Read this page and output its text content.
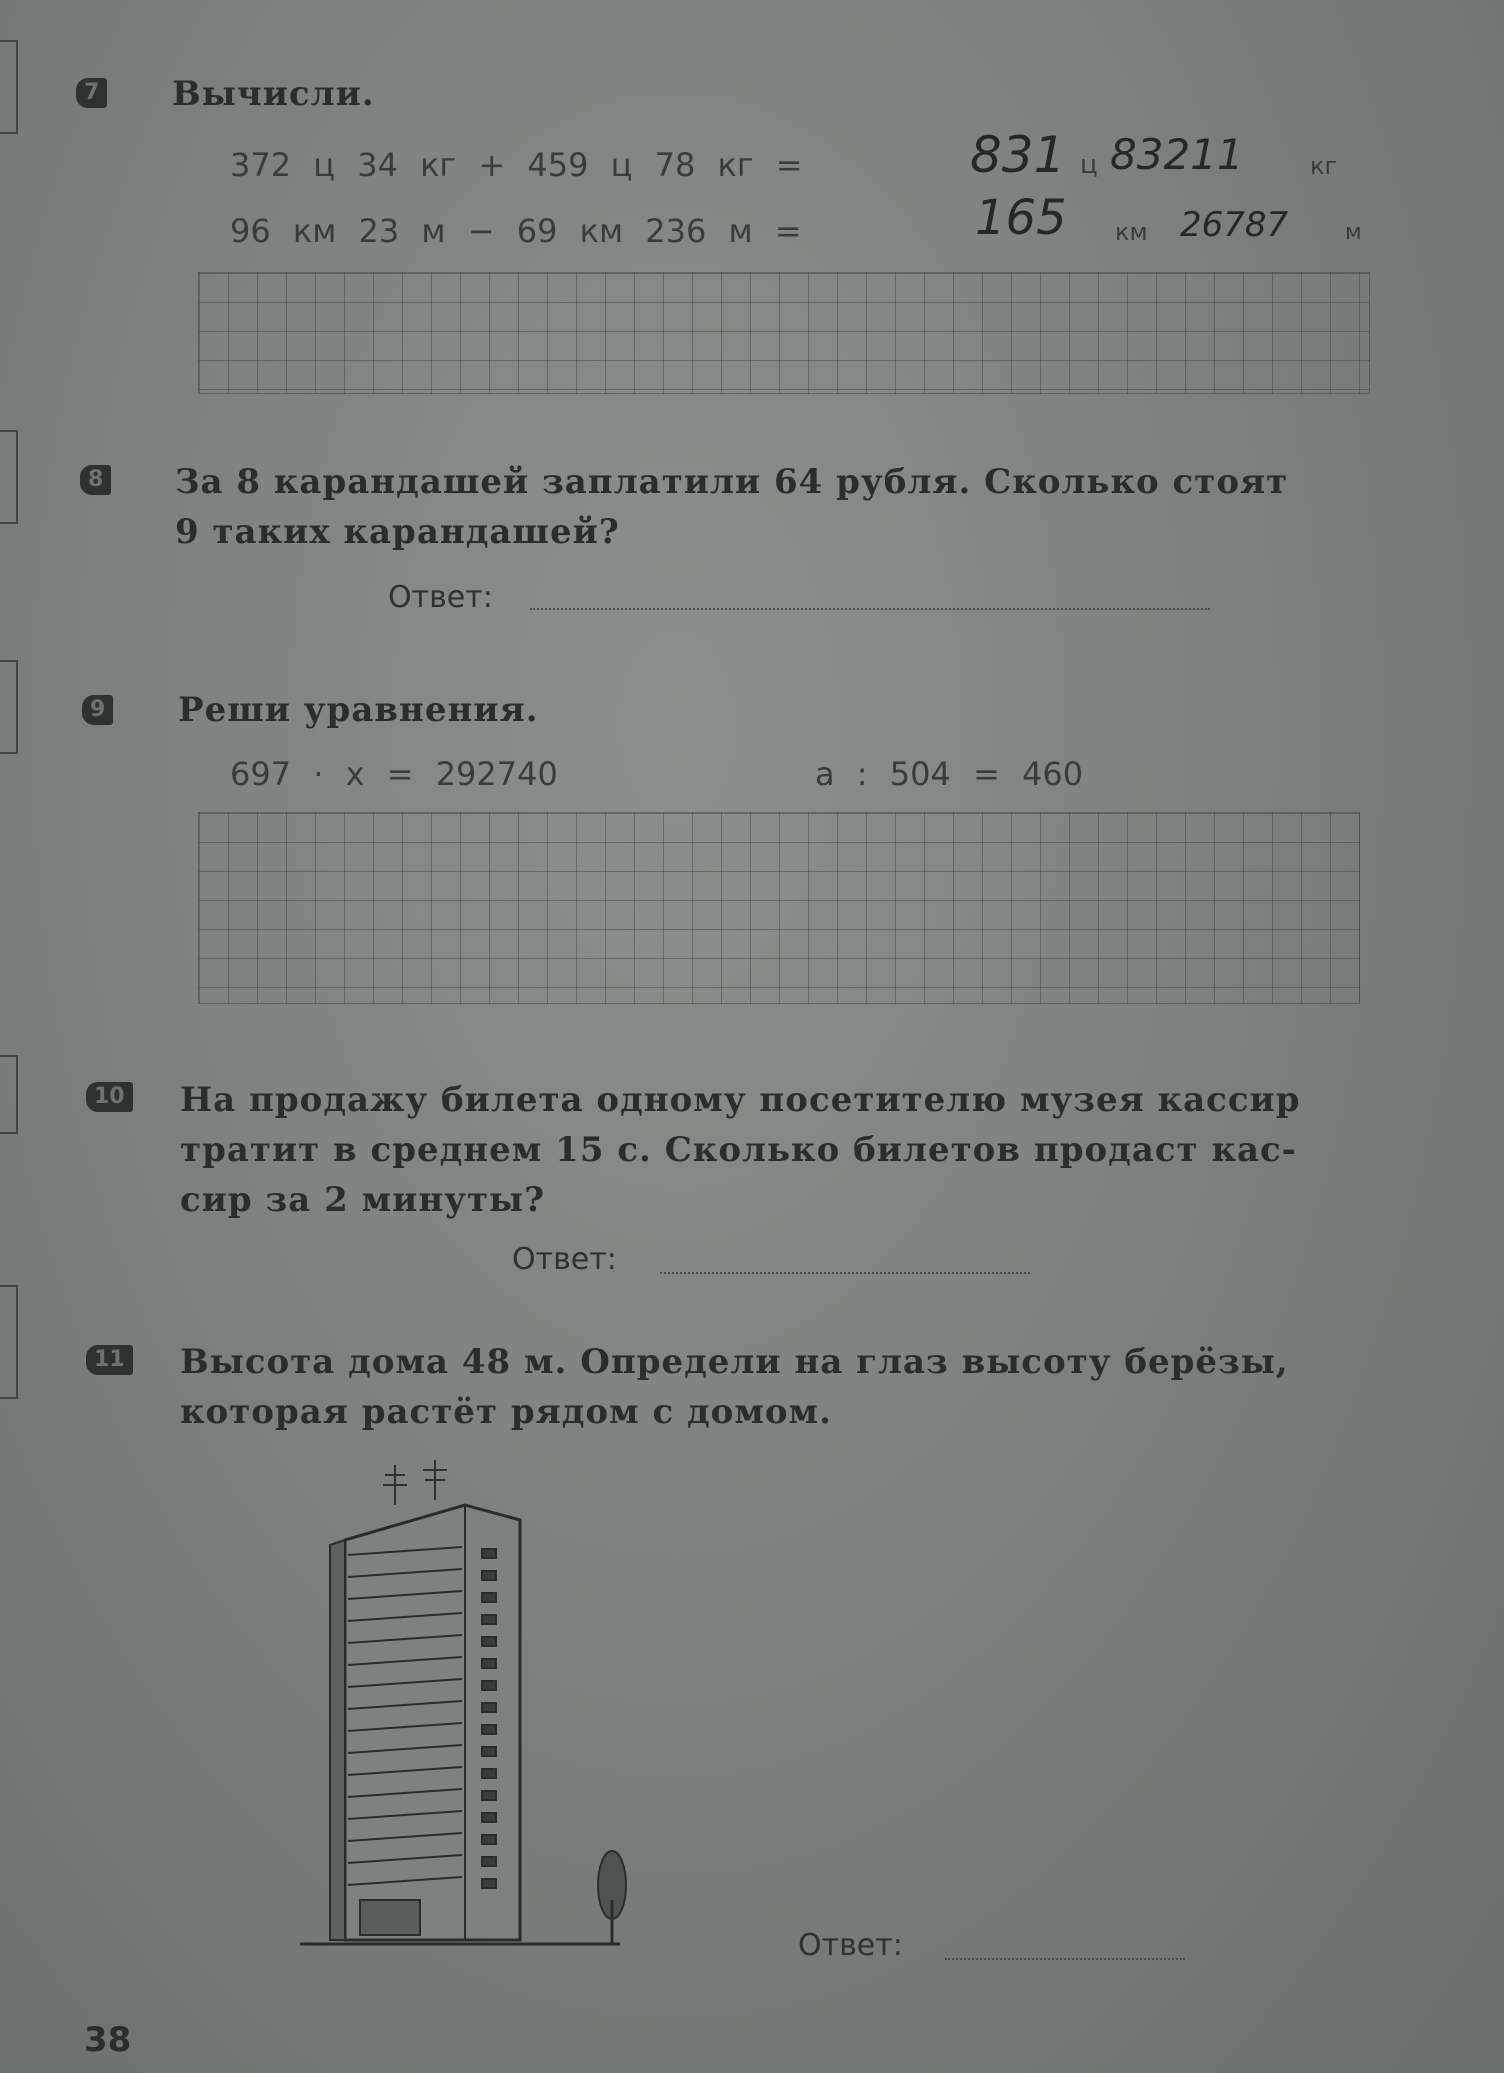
7 Вычисли.
372 ц 34 кг + 459 ц 78 кг =	831 ц 83211	кг
96 км 23 м − 69 км 236 м =	165 км 26787	м
8 За 8 карандашей заплатили 64 рубля. Сколько стоят
9 таких карандашей?
Ответ:
9 Реши уравнения.
697 · x = 292740	a : 504 = 460
10 На продажу билета одному посетителю музея кассир
тратит в среднем 15 с. Сколько билетов продаст кас-
сир за 2 минуты?
Ответ:
11 Высота дома 48 м. Определи на глаз высоту берёзы,
которая растёт рядом с домом.
Ответ:
38
